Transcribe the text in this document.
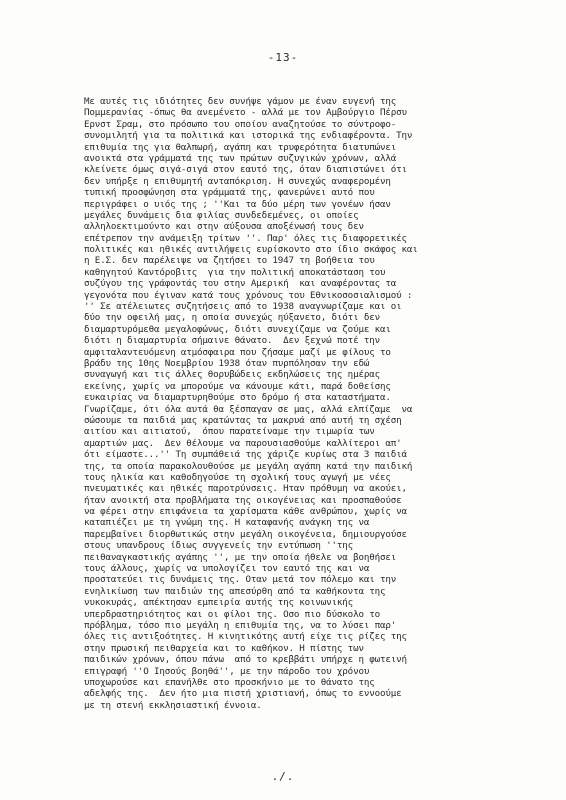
-13-
Με αυτές τις ιδιότητες δεν συνήψε γάμον με έναν ευγενή της
Πομμερανίας -όπως θα ανεμένετο - αλλά με τον Αμβούργιο Πέρσυ
Ερνστ Σραμ, στο πρόσωπο του οποίου αναζητούσε το σύντροφο-
συνομιλητή για τα πολιτικά και ιστορικά της ενδιαφέροντα. Την
επιθυμία της για θαλπωρή, αγάπη και τρυφερότητα διατυπώνει
ανοικτά στα γράμματά της των πρώτων συζυγικών χρόνων, αλλά
κλείνετε όμως σιγά-σιγά στον εαυτό της, όταν διαπιστώνει ότι
δεν υπήρξε η επιθυμητή ανταπόκριση. Η συνεχώς αναφερομένη
τυπική προσφώνηση στα γράμματά της, φανερώνει αυτό που
περιγράφει ο υιός της ; ''Και τα δύο μέρη των γονέων ήσαν
μεγάλες δυνάμεις δια φιλίας συνδεδεμένες, οι οποίες
αλληλοεκτιμούντο και στην αύξουσα αποξένωσή τους δεν
επέτρεπον την ανάμειξη τρίτων ''. Παρ' όλες τις διαφορετικές
πολιτικές και ηθικές αντιλήψεις ευρίσκοντο στο ίδιο σκάφος και
η Ε.Σ. δεν παρέλειψε να ζητήσει το 1947 τη βοήθεια του
καθηγητού Καντόροβιτς  για την πολιτική αποκατάσταση του
συζύγου της γράφοντάς του στην Αμερική  και αναφέροντας τα
γεγονότα που έγιναν κατά τους χρόνους του Εθνικοσοσιαλισμού :
'' Σε ατέλειωτες συζητήσεις από το 1938 αναγνωρίζαμε και οι
δύο την οφειλή μας, η οποία συνεχώς ηύξανετο, διότι δεν
διαμαρτυρόμεθα μεγαλοφώνως, διότι συνεχίζαμε να ζούμε και
διότι η διαμαρτυρία σήμαινε θάνατο.  Δεν ξεχνώ ποτέ την
αμφιταλαντευόμενη ατμόσφαιρα που ζήσαμε μαζί με φίλους το
βράδυ της 10ης Νοεμβρίου 1938 όταν πυρπόλησαν την εδώ
συναγωγή και τις άλλες θορυβώδεις εκδηλώσεις της ημέρας
εκείνης, χωρίς να μπορούμε να κάνουμε κάτι, παρά δοθείσης
ευκαιρίας να διαμαρτυρηθούμε στο δρόμο ή στα καταστήματα.
Γνωρίζαμε, ότι όλα αυτά θα ξέσπαγαν σε μας, αλλά ελπίζαμε  να
σώσουμε τα παιδιά μας κρατώντας τα μακρυά από αυτή τη σχέση
αιτίου και αιτιατού,  όπου παρατείναμε την τιμωρία των
αμαρτιών μας.  Δεν θέλουμε να παρουσιασθούμε καλλίτεροι απ'
ότι είμαστε...'' Τη συμπάθειά της χάριζε κυρίως στα 3 παιδιά
της, τα οποία παρακολουθούσε με μεγάλη αγάπη κατά την παιδική
τους ηλικία και καθοδηγούσε τη σχολική τους αγωγή με νέες
πνευματικές και ηθικές παροτρύνσεις. Ηταν πρόθυμη να ακούει,
ήταν ανοικτή στα προβλήματα της οικογένειας και προσπαθούσε
να φέρει στην επιφάνεια τα χαρίσματα κάθε ανθρώπου, χωρίς να
καταπιέζει με τη γνώμη της. Η καταφανής ανάγκη της να
παρεμβαίνει διορθωτικώς στην μεγάλη οικογένεια, δημιουργούσε
στους υπανδρους ίδιως συγγενείς την εντύπωση ''της
πειθαναγκαστικής αγάπης '', με την οποία ήθελε να βοηθήσει
τους άλλους, χωρίς να υπολογίζει τον εαυτό της και να
προστατεύει τις δυνάμεις της. Οταν μετά τον πόλεμο και την
ενηλικίωση των παιδιών της απεσύρθη από τα καθήκοντα της
νυκοκυράς, απέκτησαν εμπειρία αυτής της κοινωνικής
υπερδραστηριότητος και οι φίλοι της. Οσο πιο δύσκολο το
πρόβλημα, τόσο πιο μεγάλη η επιθυμία της, να το λύσει παρ'
όλες τις αντιξοότητες. Η κινητικότης αυτή είχε τις ρίζες της
στην πρωσική πειθαρχεία και το καθήκον. Η πίστης των
παιδικών χρόνων, όπου πάνω  από το κρεββάτι υπήρχε η φωτεινή
επιγραφή ''Ο Ιησούς βοηθά'', με την πάροδο του χρόνου
υποχωρούσε και επανήλθε στο προσκήνιο με το θάνατο της
αδελφής της.  Δεν ήτο μια πιστή χριστιανή, όπως το εννοούμε
με τη στενή εκκλησιαστική έννοια.
./.
